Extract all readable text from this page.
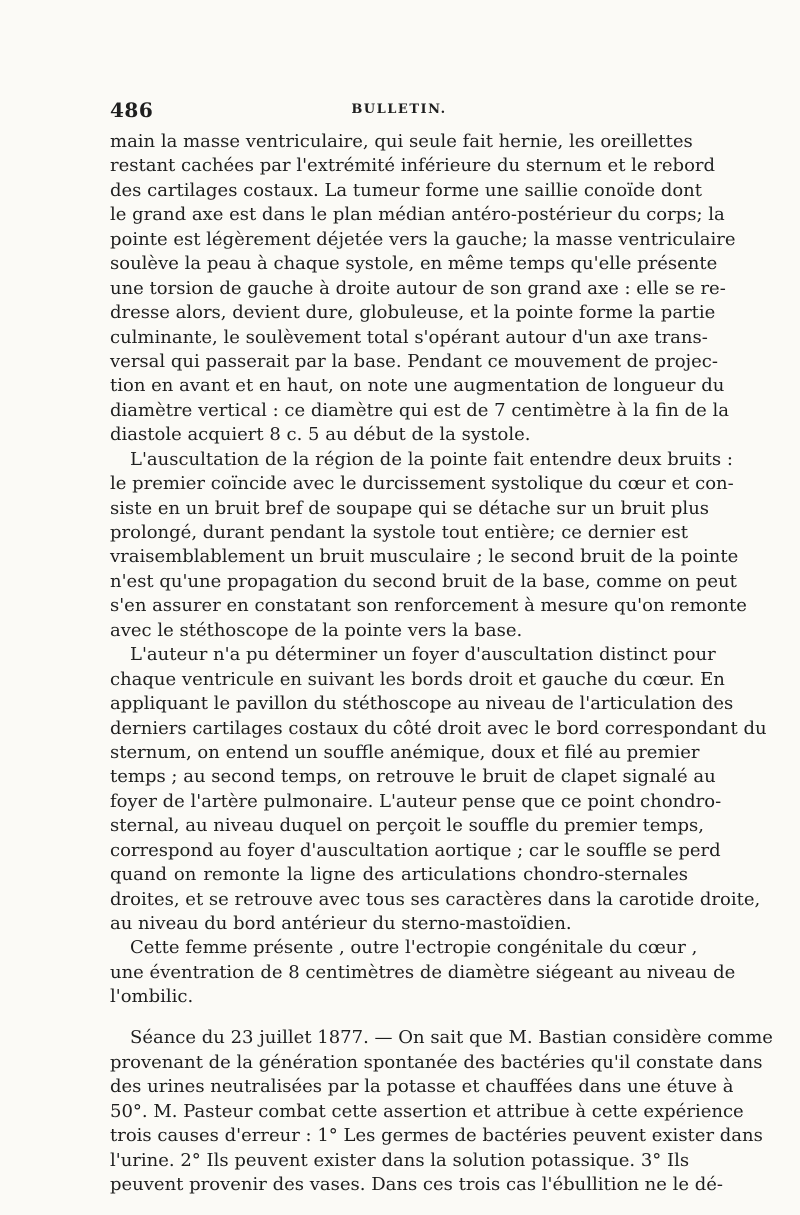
486	BULLETIN.
main la masse ventriculaire, qui seule fait hernie, les oreillettes
restant cachées par l'extrémité inférieure du sternum et le rebord
des cartilages costaux. La tumeur forme une saillie conoïde dont
le grand axe est dans le plan médian antéro-postérieur du corps; la
pointe est légèrement déjetée vers la gauche; la masse ventriculaire
soulève la peau à chaque systole, en même temps qu'elle présente
une torsion de gauche à droite autour de son grand axe : elle se re-
dresse alors, devient dure, globuleuse, et la pointe forme la partie
culminante, le soulèvement total s'opérant autour d'un axe trans-
versal qui passerait par la base. Pendant ce mouvement de projec-
tion en avant et en haut, on note une augmentation de longueur du
diamètre vertical : ce diamètre qui est de 7 centimètre à la fin de la
diastole acquiert 8 c. 5 au début de la systole.
L'auscultation de la région de la pointe fait entendre deux bruits :
le premier coïncide avec le durcissement systolique du cœur et con-
siste en un bruit bref de soupape qui se détache sur un bruit plus
prolongé, durant pendant la systole tout entière; ce dernier est
vraisemblablement un bruit musculaire ; le second bruit de la pointe
n'est qu'une propagation du second bruit de la base, comme on peut
s'en assurer en constatant son renforcement à mesure qu'on remonte
avec le stéthoscope de la pointe vers la base.
L'auteur n'a pu déterminer un foyer d'auscultation distinct pour
chaque ventricule en suivant les bords droit et gauche du cœur. En
appliquant le pavillon du stéthoscope au niveau de l'articulation des
derniers cartilages costaux du côté droit avec le bord correspondant du
sternum, on entend un souffle anémique, doux et filé au premier
temps ; au second temps, on retrouve le bruit de clapet signalé au
foyer de l'artère pulmonaire. L'auteur pense que ce point chondro-
sternal, au niveau duquel on perçoit le souffle du premier temps,
correspond au foyer d'auscultation aortique ; car le souffle se perd
quand on remonte la ligne des articulations chondro-sternales
droites, et se retrouve avec tous ses caractères dans la carotide droite,
au niveau du bord antérieur du sterno-mastoïdien.
Cette femme présente , outre l'ectropie congénitale du cœur ,
une éventration de 8 centimètres de diamètre siégeant au niveau de
l'ombilic.
Séance du 23 juillet 1877. — On sait que M. Bastian considère comme
provenant de la génération spontanée des bactéries qu'il constate dans
des urines neutralisées par la potasse et chauffées dans une étuve à
50°. M. Pasteur combat cette assertion et attribue à cette expérience
trois causes d'erreur : 1° Les germes de bactéries peuvent exister dans
l'urine. 2° Ils peuvent exister dans la solution potassique. 3° Ils
peuvent provenir des vases. Dans ces trois cas l'ébullition ne le dé-
